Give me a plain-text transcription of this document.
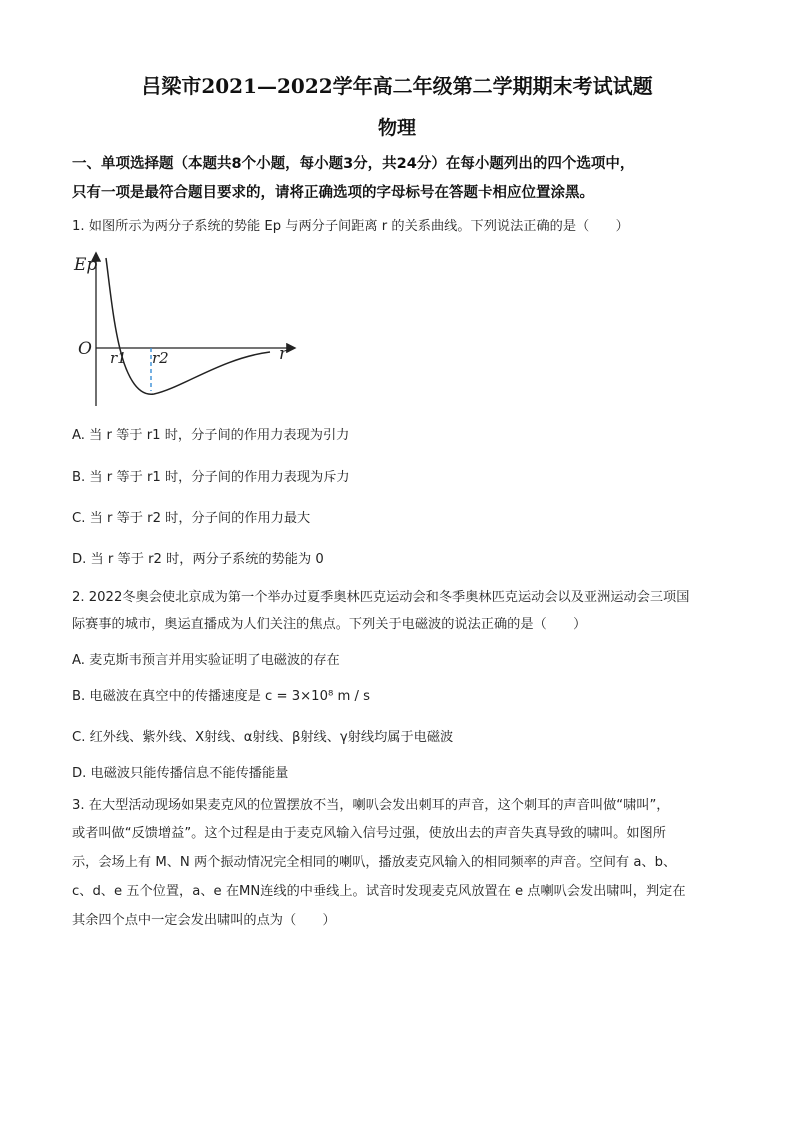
吕梁市2021—2022学年高二年级第二学期期末考试试题
物理
一、单项选择题（本题共8个小题，每小题3分，共24分）在每小题列出的四个选项中，
只有一项是最符合题目要求的，请将正确选项的字母标号在答题卡相应位置涂黑。
1. 如图所示为两分子系统的势能 Ep 与两分子间距离 r 的关系曲线。下列说法正确的是（　　）
Ep
O	r
r1 r2
A. 当 r 等于 r1 时，分子间的作用力表现为引力
B. 当 r 等于 r1 时，分子间的作用力表现为斥力
C. 当 r 等于 r2 时，分子间的作用力最大
D. 当 r 等于 r2 时，两分子系统的势能为 0
2. 2022冬奥会使北京成为第一个举办过夏季奥林匹克运动会和冬季奥林匹克运动会以及亚洲运动会三项国
际赛事的城市，奥运直播成为人们关注的焦点。下列关于电磁波的说法正确的是（　　）
A. 麦克斯韦预言并用实验证明了电磁波的存在
B. 电磁波在真空中的传播速度是 c = 3×10⁸ m / s
C. 红外线、紫外线、X射线、α射线、β射线、γ射线均属于电磁波
D. 电磁波只能传播信息不能传播能量
3. 在大型活动现场如果麦克风的位置摆放不当，喇叭会发出刺耳的声音，这个刺耳的声音叫做“啸叫”，
或者叫做“反馈增益”。这个过程是由于麦克风输入信号过强，使放出去的声音失真导致的啸叫。如图所
示，会场上有 M、N 两个振动情况完全相同的喇叭，播放麦克风输入的相同频率的声音。空间有 a、b、
c、d、e 五个位置，a、e 在MN连线的中垂线上。试音时发现麦克风放置在 e 点喇叭会发出啸叫，判定在
其余四个点中一定会发出啸叫的点为（　　）
